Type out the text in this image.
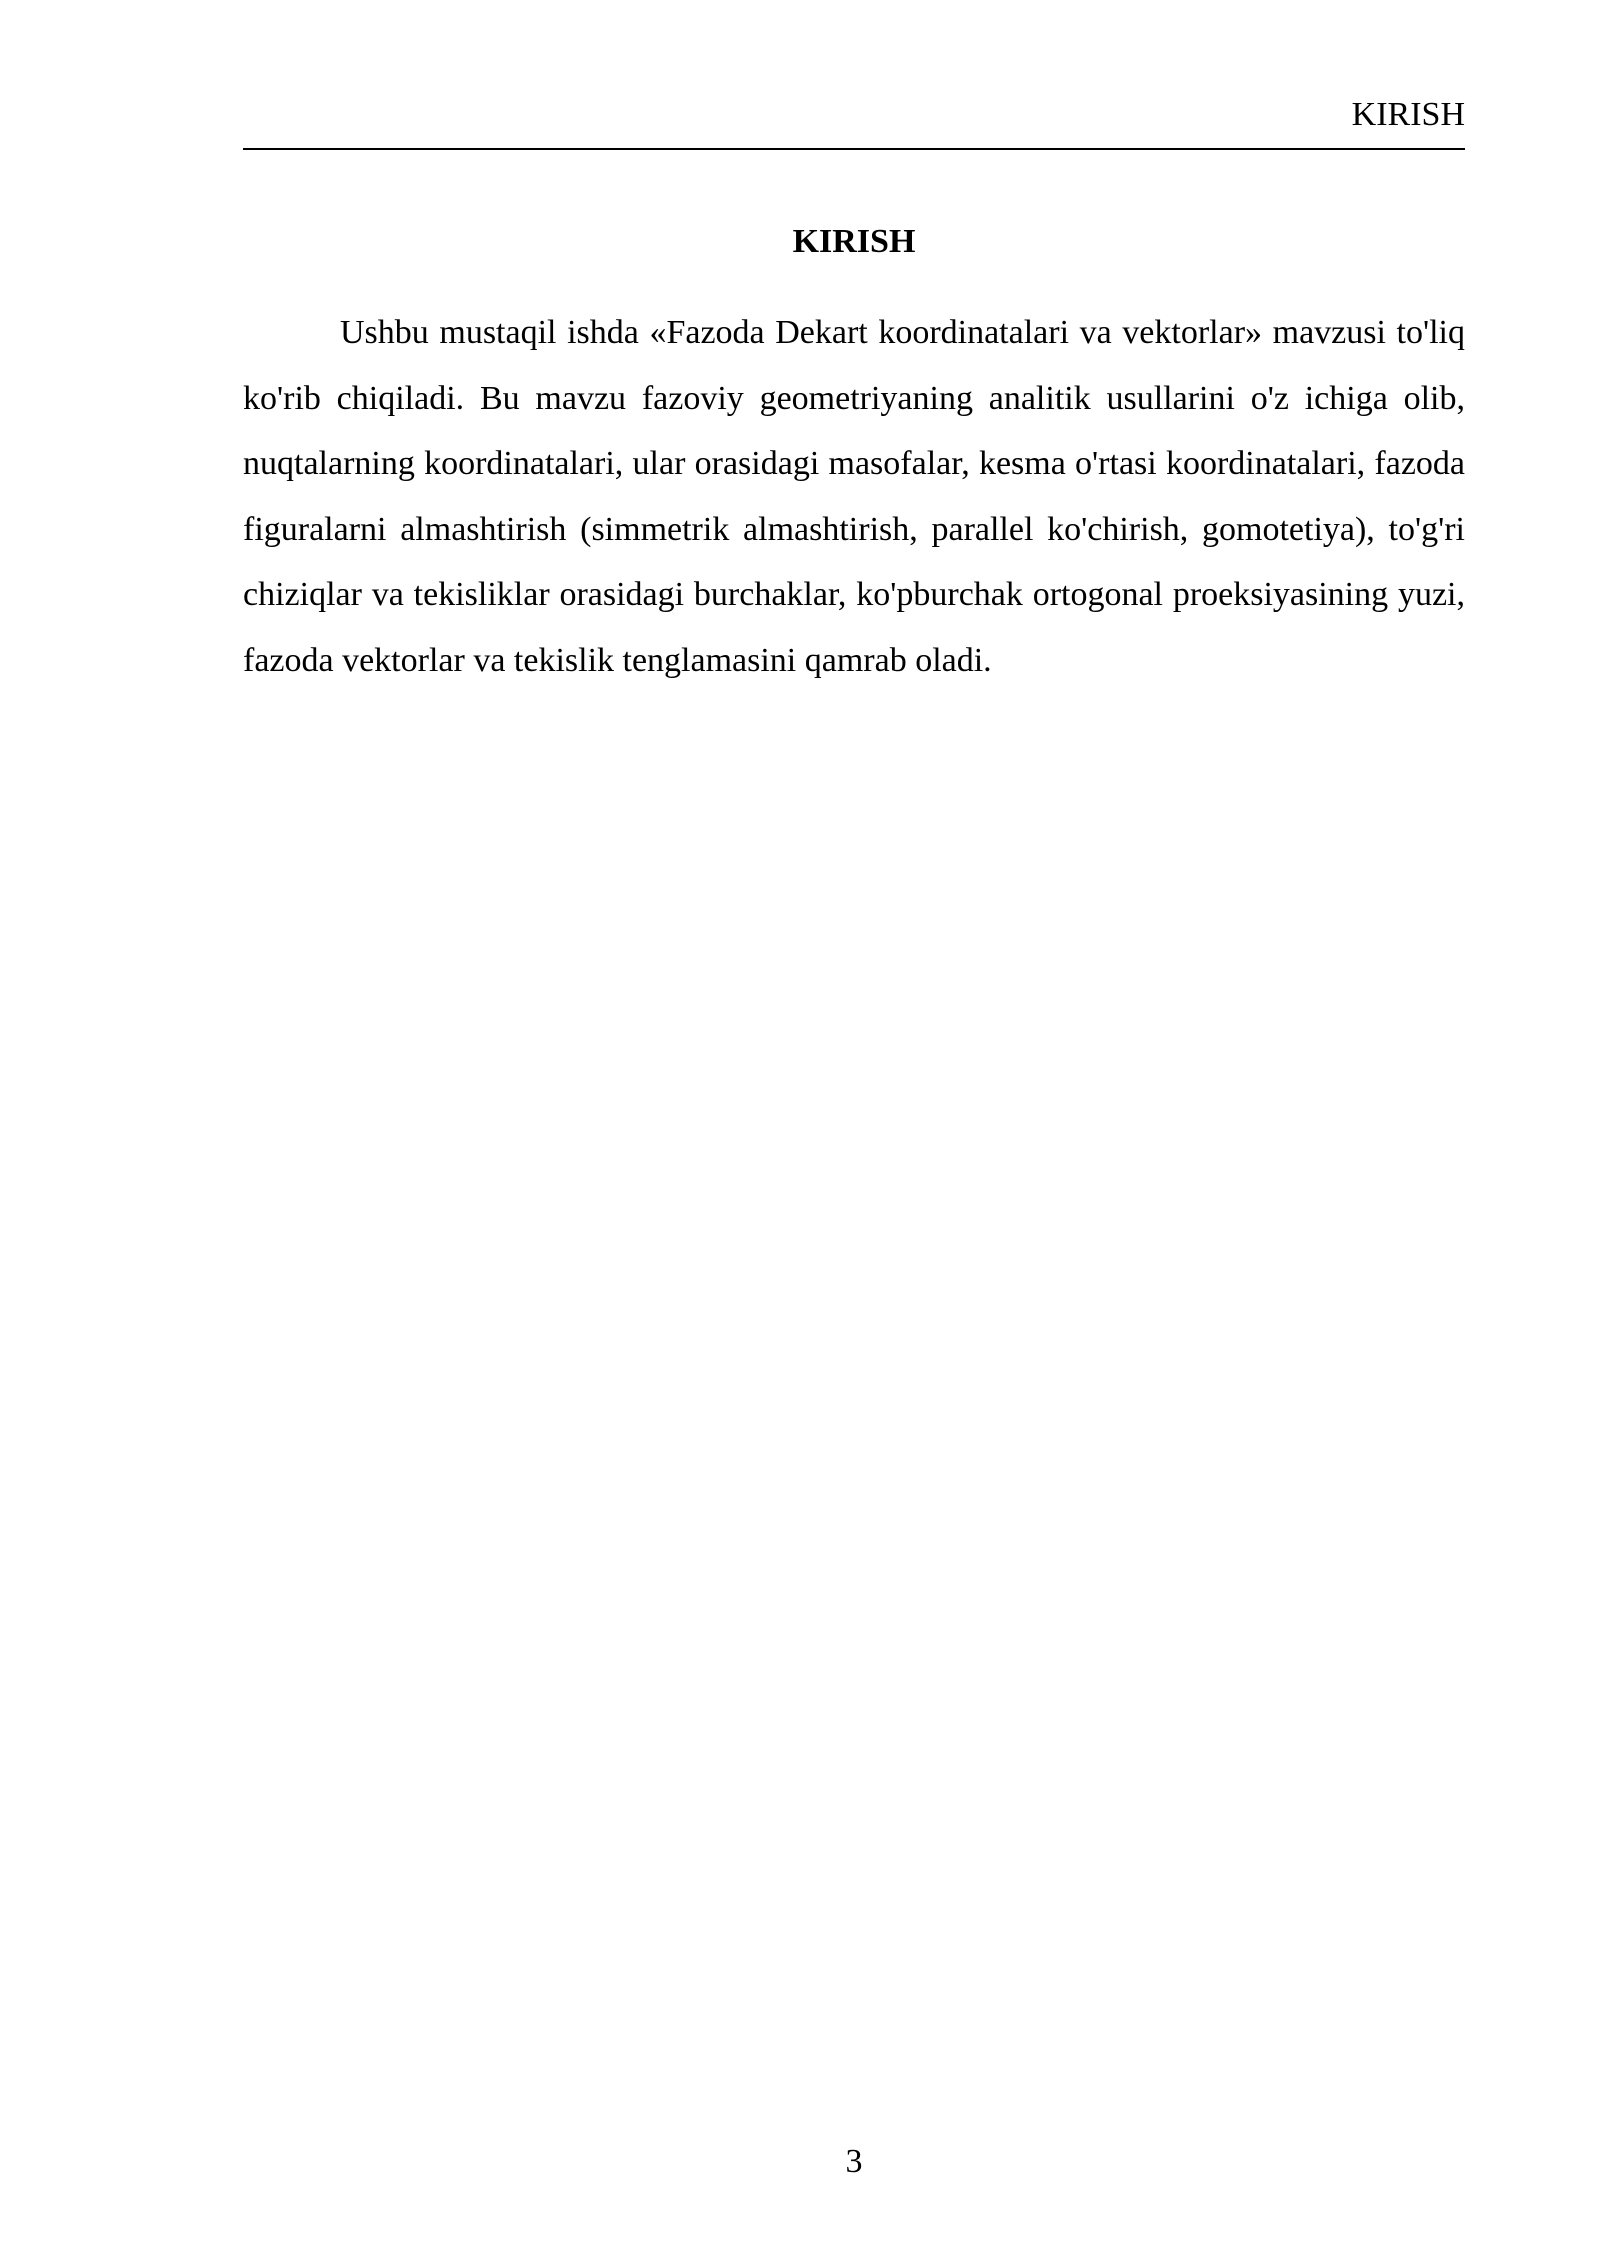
KIRISH
KIRISH

Ushbu mustaqil ishda «Fazoda Dekart koordinatalari va vektorlar» mavzusi to'liq ko'rib chiqiladi. Bu mavzu fazoviy geometriyaning analitik usullarini o'z ichiga olib, nuqtalarning koordinatalari, ular orasidagi masofalar, kesma o'rtasi koordinatalari, fazoda figuralarni almashtirish (simmetrik almashtirish, parallel ko'chirish, gomotetiya), to'g'ri chiziqlar va tekisliklar orasidagi burchaklar, ko'pburchak ortogonal proeksiyasining yuzi, fazoda vektorlar va tekislik tenglamasini qamrab oladi.

3
